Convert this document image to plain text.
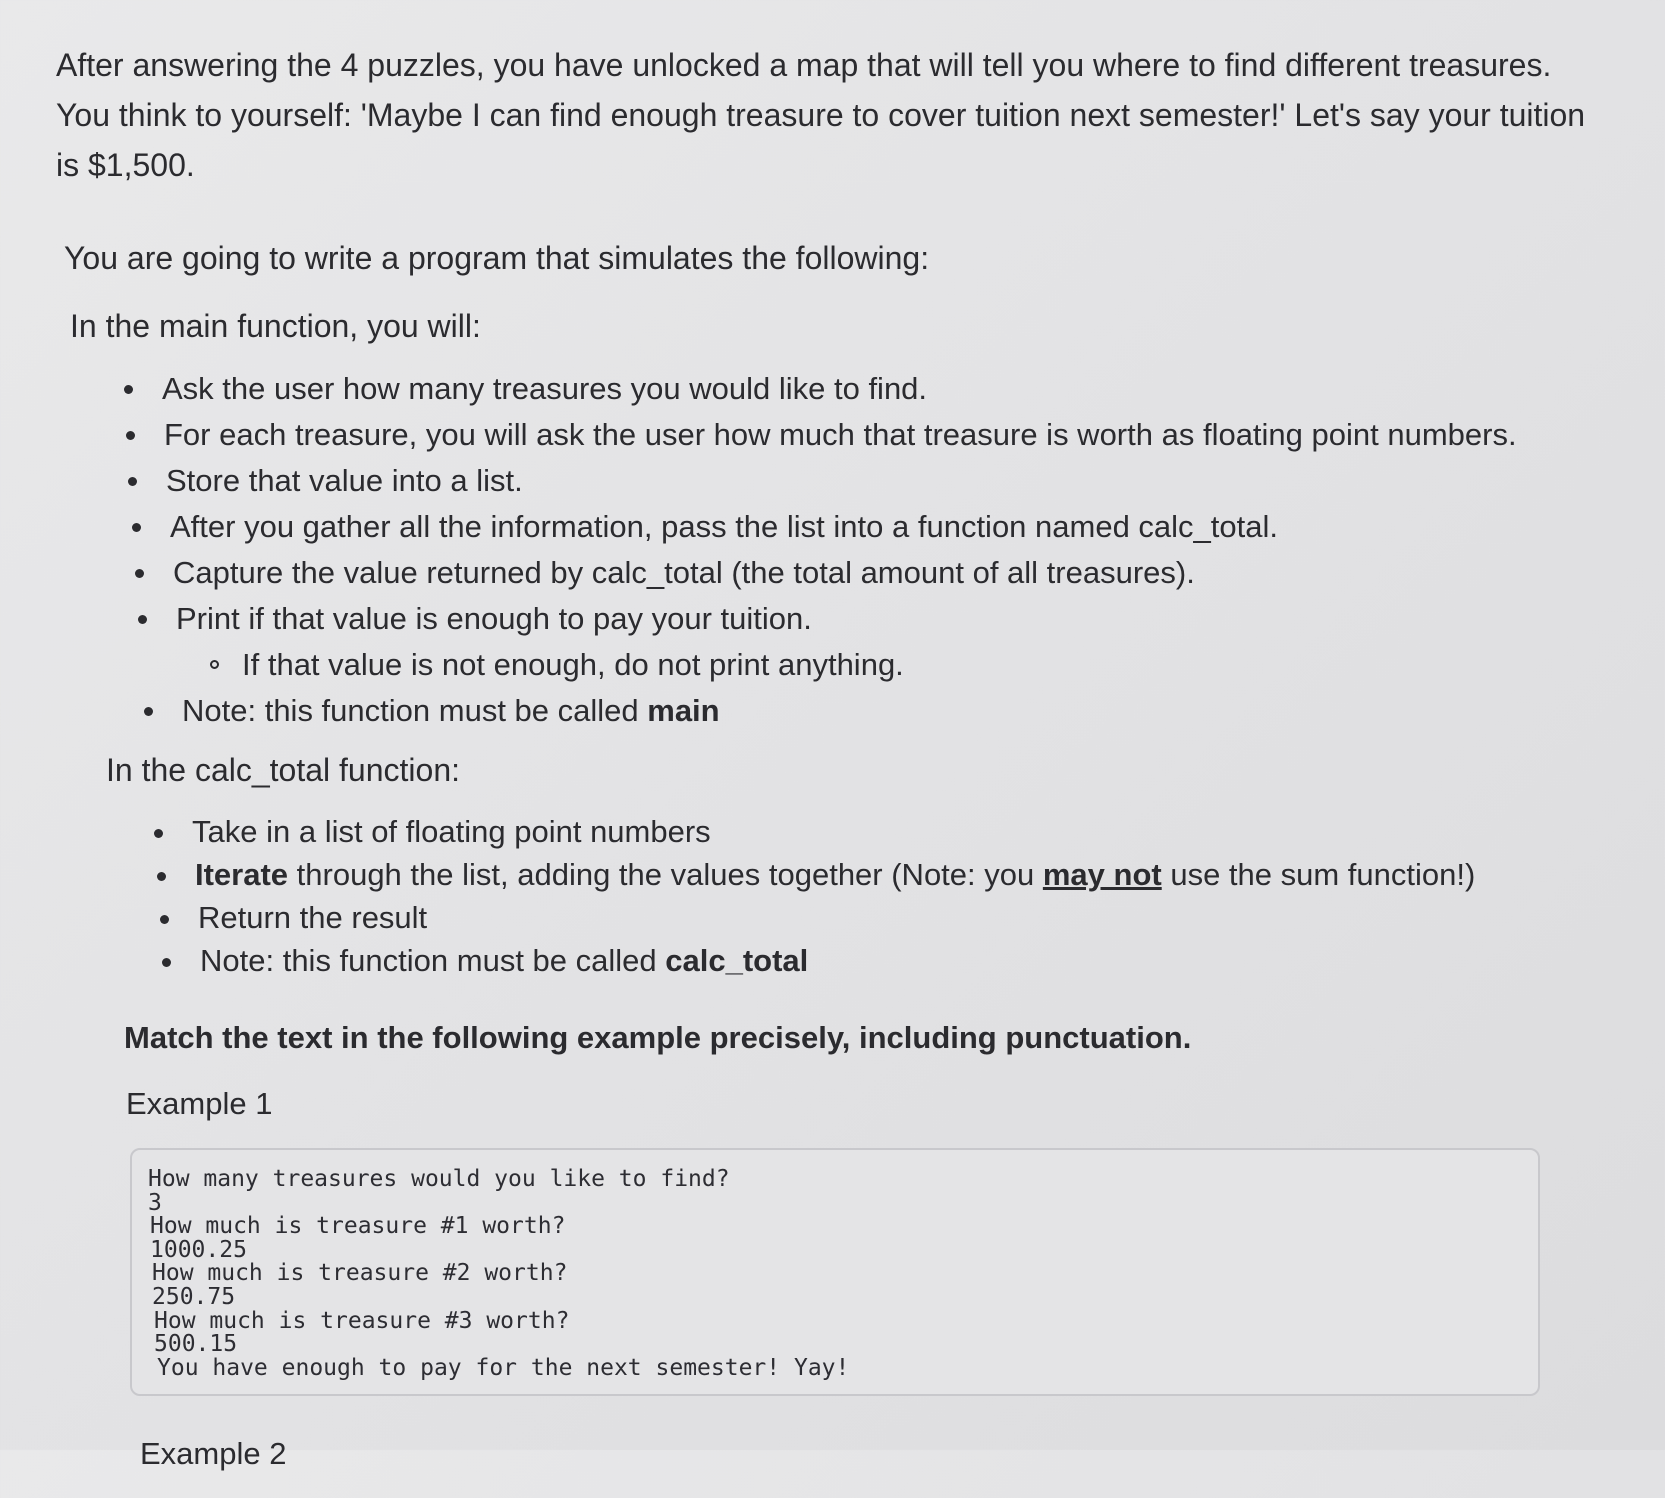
After answering the 4 puzzles, you have unlocked a map that will tell you where to find different treasures. You think to yourself: 'Maybe I can find enough treasure to cover tuition next semester!' Let's say your tuition is $1,500.

You are going to write a program that simulates the following:

In the main function, you will:

Ask the user how many treasures you would like to find.
For each treasure, you will ask the user how much that treasure is worth as floating point numbers.
Store that value into a list.
After you gather all the information, pass the list into a function named calc_total.
Capture the value returned by calc_total (the total amount of all treasures).
Print if that value is enough to pay your tuition.
If that value is not enough, do not print anything.
Note: this function must be called main

In the calc_total function:

Take in a list of floating point numbers
Iterate through the list, adding the values together (Note: you may not use the sum function!)
Return the result
Note: this function must be called calc_total

Match the text in the following example precisely, including punctuation.

Example 1

How many treasures would you like to find?
3
How much is treasure #1 worth?
1000.25
How much is treasure #2 worth?
250.75
How much is treasure #3 worth?
500.15
You have enough to pay for the next semester! Yay!

Example 2
